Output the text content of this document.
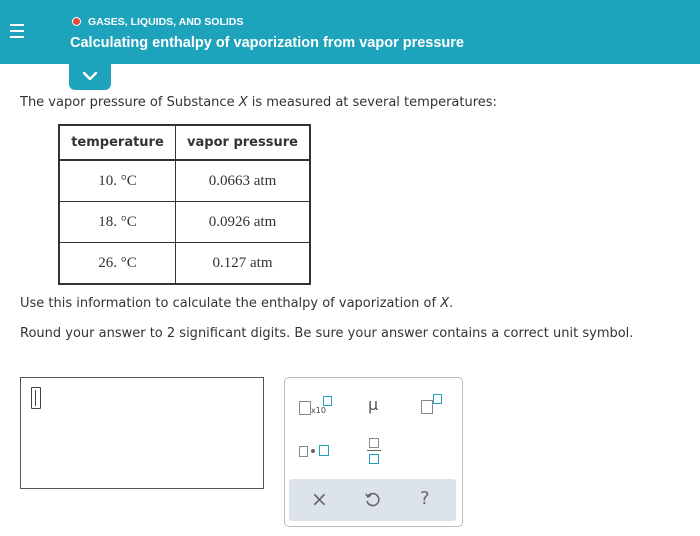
GASES, LIQUIDS, AND SOLIDS
Calculating enthalpy of vaporization from vapor pressure
The vapor pressure of Substance X is measured at several temperatures:
temperature	vapor pressure
10. °C	0.0663 atm
18. °C	0.0926 atm
26. °C	0.127 atm
Use this information to calculate the enthalpy of vaporization of X.
Round your answer to 2 significant digits. Be sure your answer contains a correct unit symbol.
x10	μ
×	?
